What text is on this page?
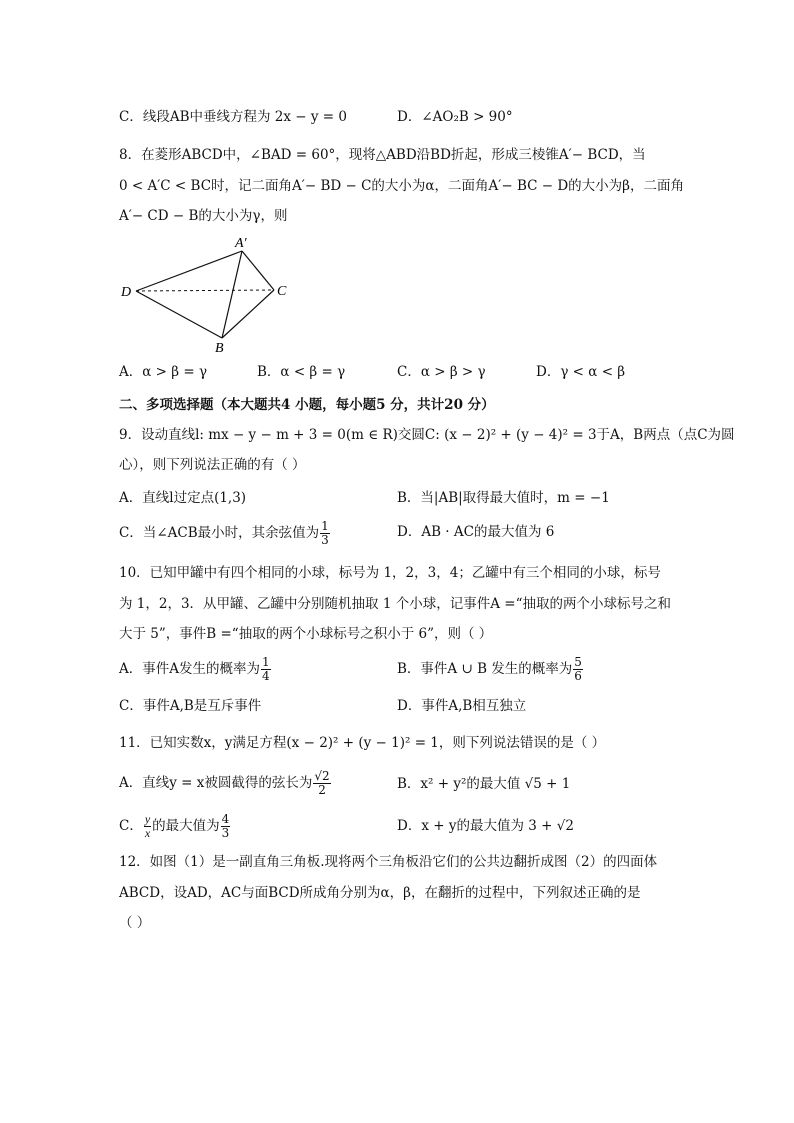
C．线段AB中垂线方程为 2x − y = 0	D．∠AO₂B > 90°
8．在菱形ABCD中，∠BAD = 60°，现将△ABD沿BD折起，形成三棱锥A′− BCD，当
0 < A′C < BC时，记二面角A′− BD − C的大小为α，二面角A′− BC − D的大小为β，二面角
A′− CD − B的大小为γ，则
A′
D	C
B
A．α > β = γ	B．α < β = γ	C．α > β > γ	D．γ < α < β
二、多项选择题（本大题共4 小题，每小题5 分，共计20 分）
9．设动直线l: mx − y − m + 3 = 0(m ∈ R)交圆C: (x − 2)² + (y − 4)² = 3于A，B两点（点C为圆
心），则下列说法正确的有（ ）
A．直线l过定点(1,3)	B．当|AB|取得最大值时，m = −1
C．当∠ACB最小时，其余弦值为 $\frac{1}{3}$	D．AB · AC的最大值为 6
10．已知甲罐中有四个相同的小球，标号为 1，2，3，4；乙罐中有三个相同的小球，标号
为 1，2，3．从甲罐、乙罐中分别随机抽取 1 个小球，记事件A =“抽取的两个小球标号之和
大于 5”，事件B =“抽取的两个小球标号之积小于 6”，则（ ）
A．事件A发生的概率为 $\frac{1}{4}$	B．事件A ∪ B 发生的概率为 $\frac{5}{6}$
C．事件A,B是互斥事件	D．事件A,B相互独立
11．已知实数x，y满足方程(x − 2)² + (y − 1)² = 1，则下列说法错误的是（ ）
A．直线y = x被圆截得的弦长为 $\frac{√2}{2}$	B．x² + y²的最大值 √5 + 1
C． $\frac{y}{x}$ 的最大值为 $\frac{4}{3}$	D．x + y的最大值为 3 + √2
12．如图（1）是一副直角三角板.现将两个三角板沿它们的公共边翻折成图（2）的四面体
ABCD，设AD，AC与面BCD所成角分别为α，β，在翻折的过程中，下列叙述正确的是
（ ）
